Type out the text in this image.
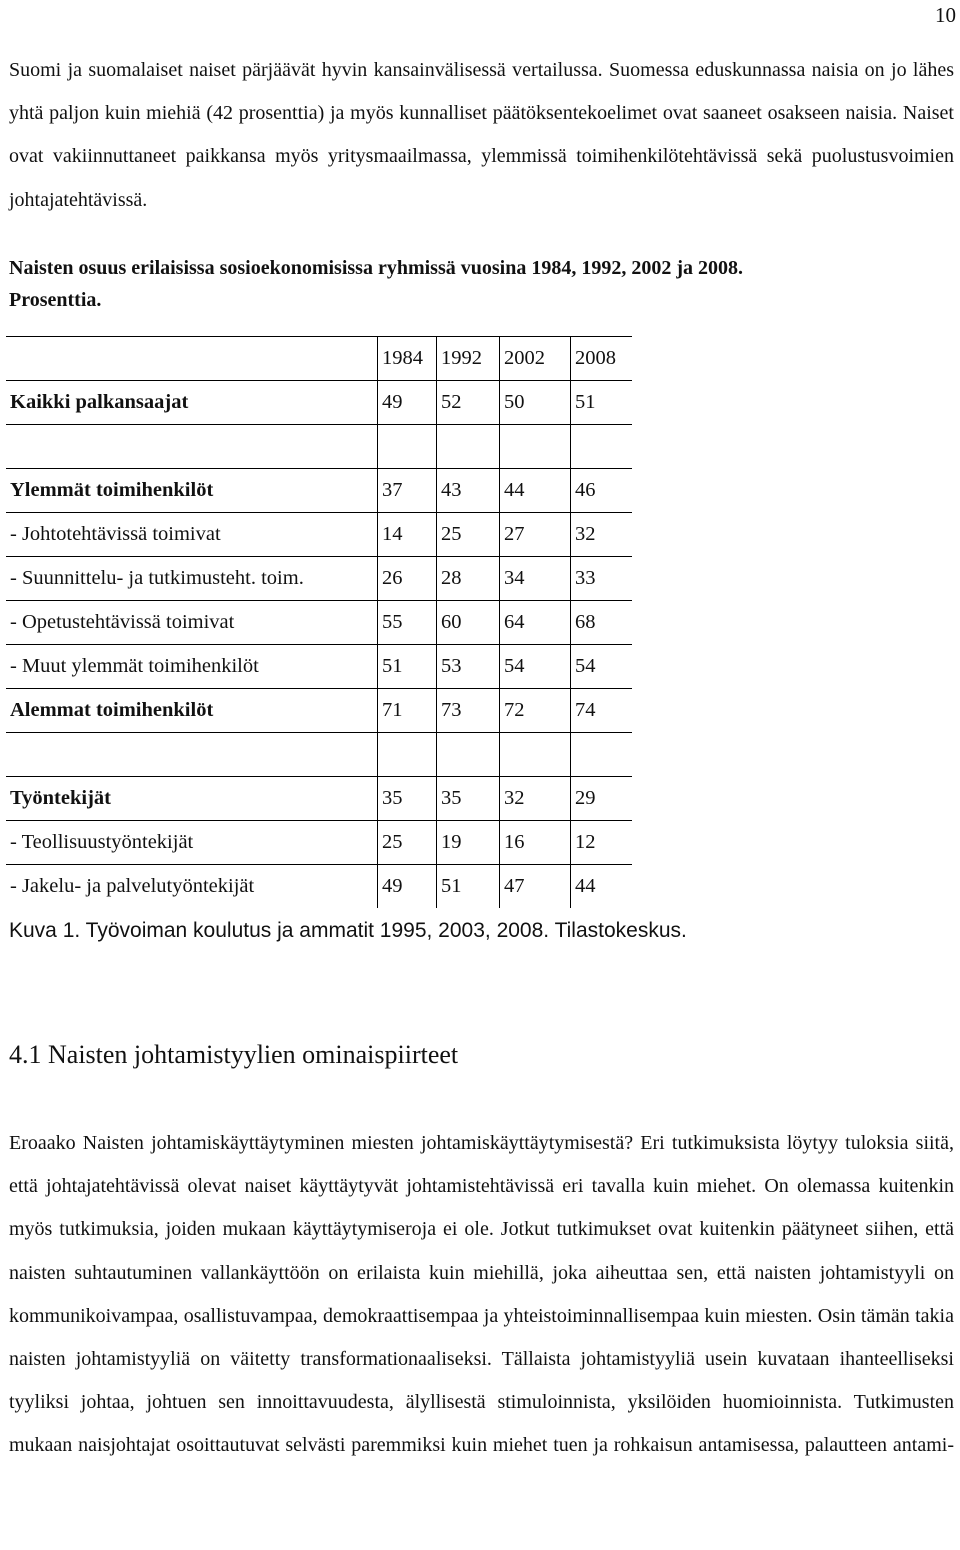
10

Suomi ja suomalaiset naiset pärjäävät hyvin kansainvälisessä vertailussa. Suomessa eduskunnassa naisia on jo lähes yhtä paljon kuin miehiä (42 prosenttia) ja myös kunnalliset päätöksentekoelimet ovat saaneet osakseen naisia. Naiset ovat vakiinnuttaneet paikkansa myös yritysmaailmassa, ylemmissä toimihenkilötehtävissä sekä puolustusvoimien johtajatehtävissä.

Naisten osuus erilaisissa sosioekonomisissa ryhmissä vuosina 1984, 1992, 2002 ja 2008.
Prosenttia.
	1984	1992	2002	2008
Kaikki palkansaajat	49	52	50	51

Ylemmät toimihenkilöt	37	43	44	46
- Johtotehtävissä toimivat	14	25	27	32
- Suunnittelu- ja tutkimusteht. toim.	26	28	34	33
- Opetustehtävissä toimivat	55	60	64	68
- Muut ylemmät toimihenkilöt	51	53	54	54
Alemmat toimihenkilöt	71	73	72	74

Työntekijät	35	35	32	29
- Teollisuustyöntekijät	25	19	16	12
- Jakelu- ja palvelutyöntekijät	49	51	47	44

Kuva 1. Työvoiman koulutus ja ammatit 1995, 2003, 2008. Tilastokeskus.

4.1 Naisten johtamistyylien ominaispiirteet

Eroaako Naisten johtamiskäyttäytyminen miesten johtamiskäyttäytymisestä? Eri tutkimuksista löytyy tuloksia siitä, että johtajatehtävissä olevat naiset käyttäytyvät johtamistehtävissä eri tavalla kuin miehet. On olemassa kuitenkin myös tutkimuksia, joiden mukaan käyttäytymiseroja ei ole. Jotkut tutkimukset ovat kuitenkin päätyneet siihen, että naisten suhtautuminen vallankäyttöön on erilaista kuin miehillä, joka aiheuttaa sen, että naisten johtamistyyli on kommunikoivampaa, osallistuvampaa, demokraattisempaa ja yhteistoiminnallisempaa kuin miesten. Osin tämän takia naisten johtamistyyliä on väitetty transformationaaliseksi. Tällaista johtamistyyliä usein kuvataan ihanteelliseksi tyyliksi johtaa, johtuen sen innoittavuudesta, älyllisestä stimuloinnista, yksilöiden huomioinnista. Tutkimusten mukaan naisjohtajat osoittautuvat selvästi paremmiksi kuin miehet tuen ja rohkaisun antamisessa, palautteen antami-
